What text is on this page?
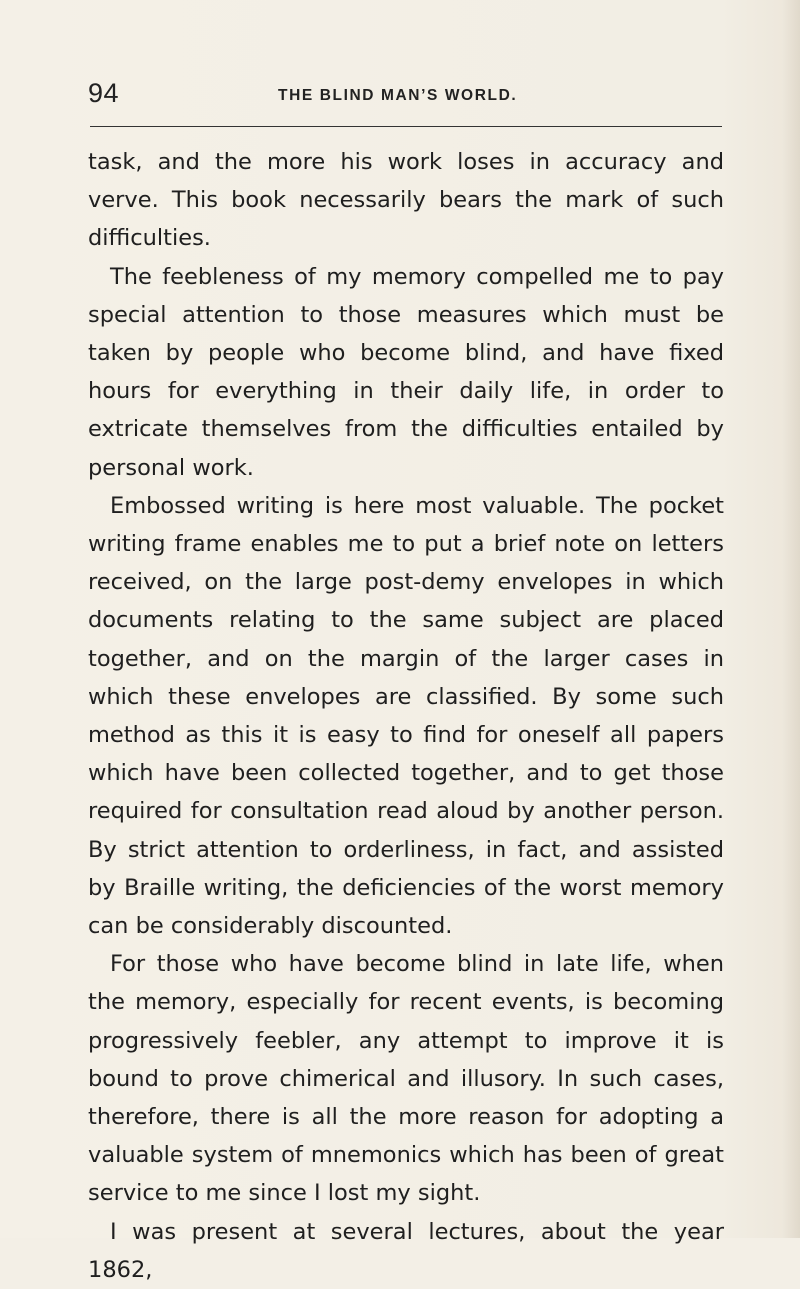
94	THE BLIND MAN’S WORLD.

task, and the more his work loses in accuracy and verve. This book necessarily bears the mark of such difficulties.

The feebleness of my memory compelled me to pay special attention to those measures which must be taken by people who become blind, and have fixed hours for everything in their daily life, in order to extricate themselves from the difficulties entailed by personal work.

Embossed writing is here most valuable. The pocket writing frame enables me to put a brief note on letters received, on the large post-demy envelopes in which documents relating to the same subject are placed together, and on the margin of the larger cases in which these envelopes are classified. By some such method as this it is easy to find for oneself all papers which have been collected together, and to get those required for consultation read aloud by another person. By strict attention to orderliness, in fact, and assisted by Braille writing, the deficiencies of the worst memory can be considerably discounted.

For those who have become blind in late life, when the memory, especially for recent events, is becoming progressively feebler, any attempt to improve it is bound to prove chimerical and illusory. In such cases, therefore, there is all the more reason for adopting a valuable system of mnemonics which has been of great service to me since I lost my sight.

I was present at several lectures, about the year 1862,
